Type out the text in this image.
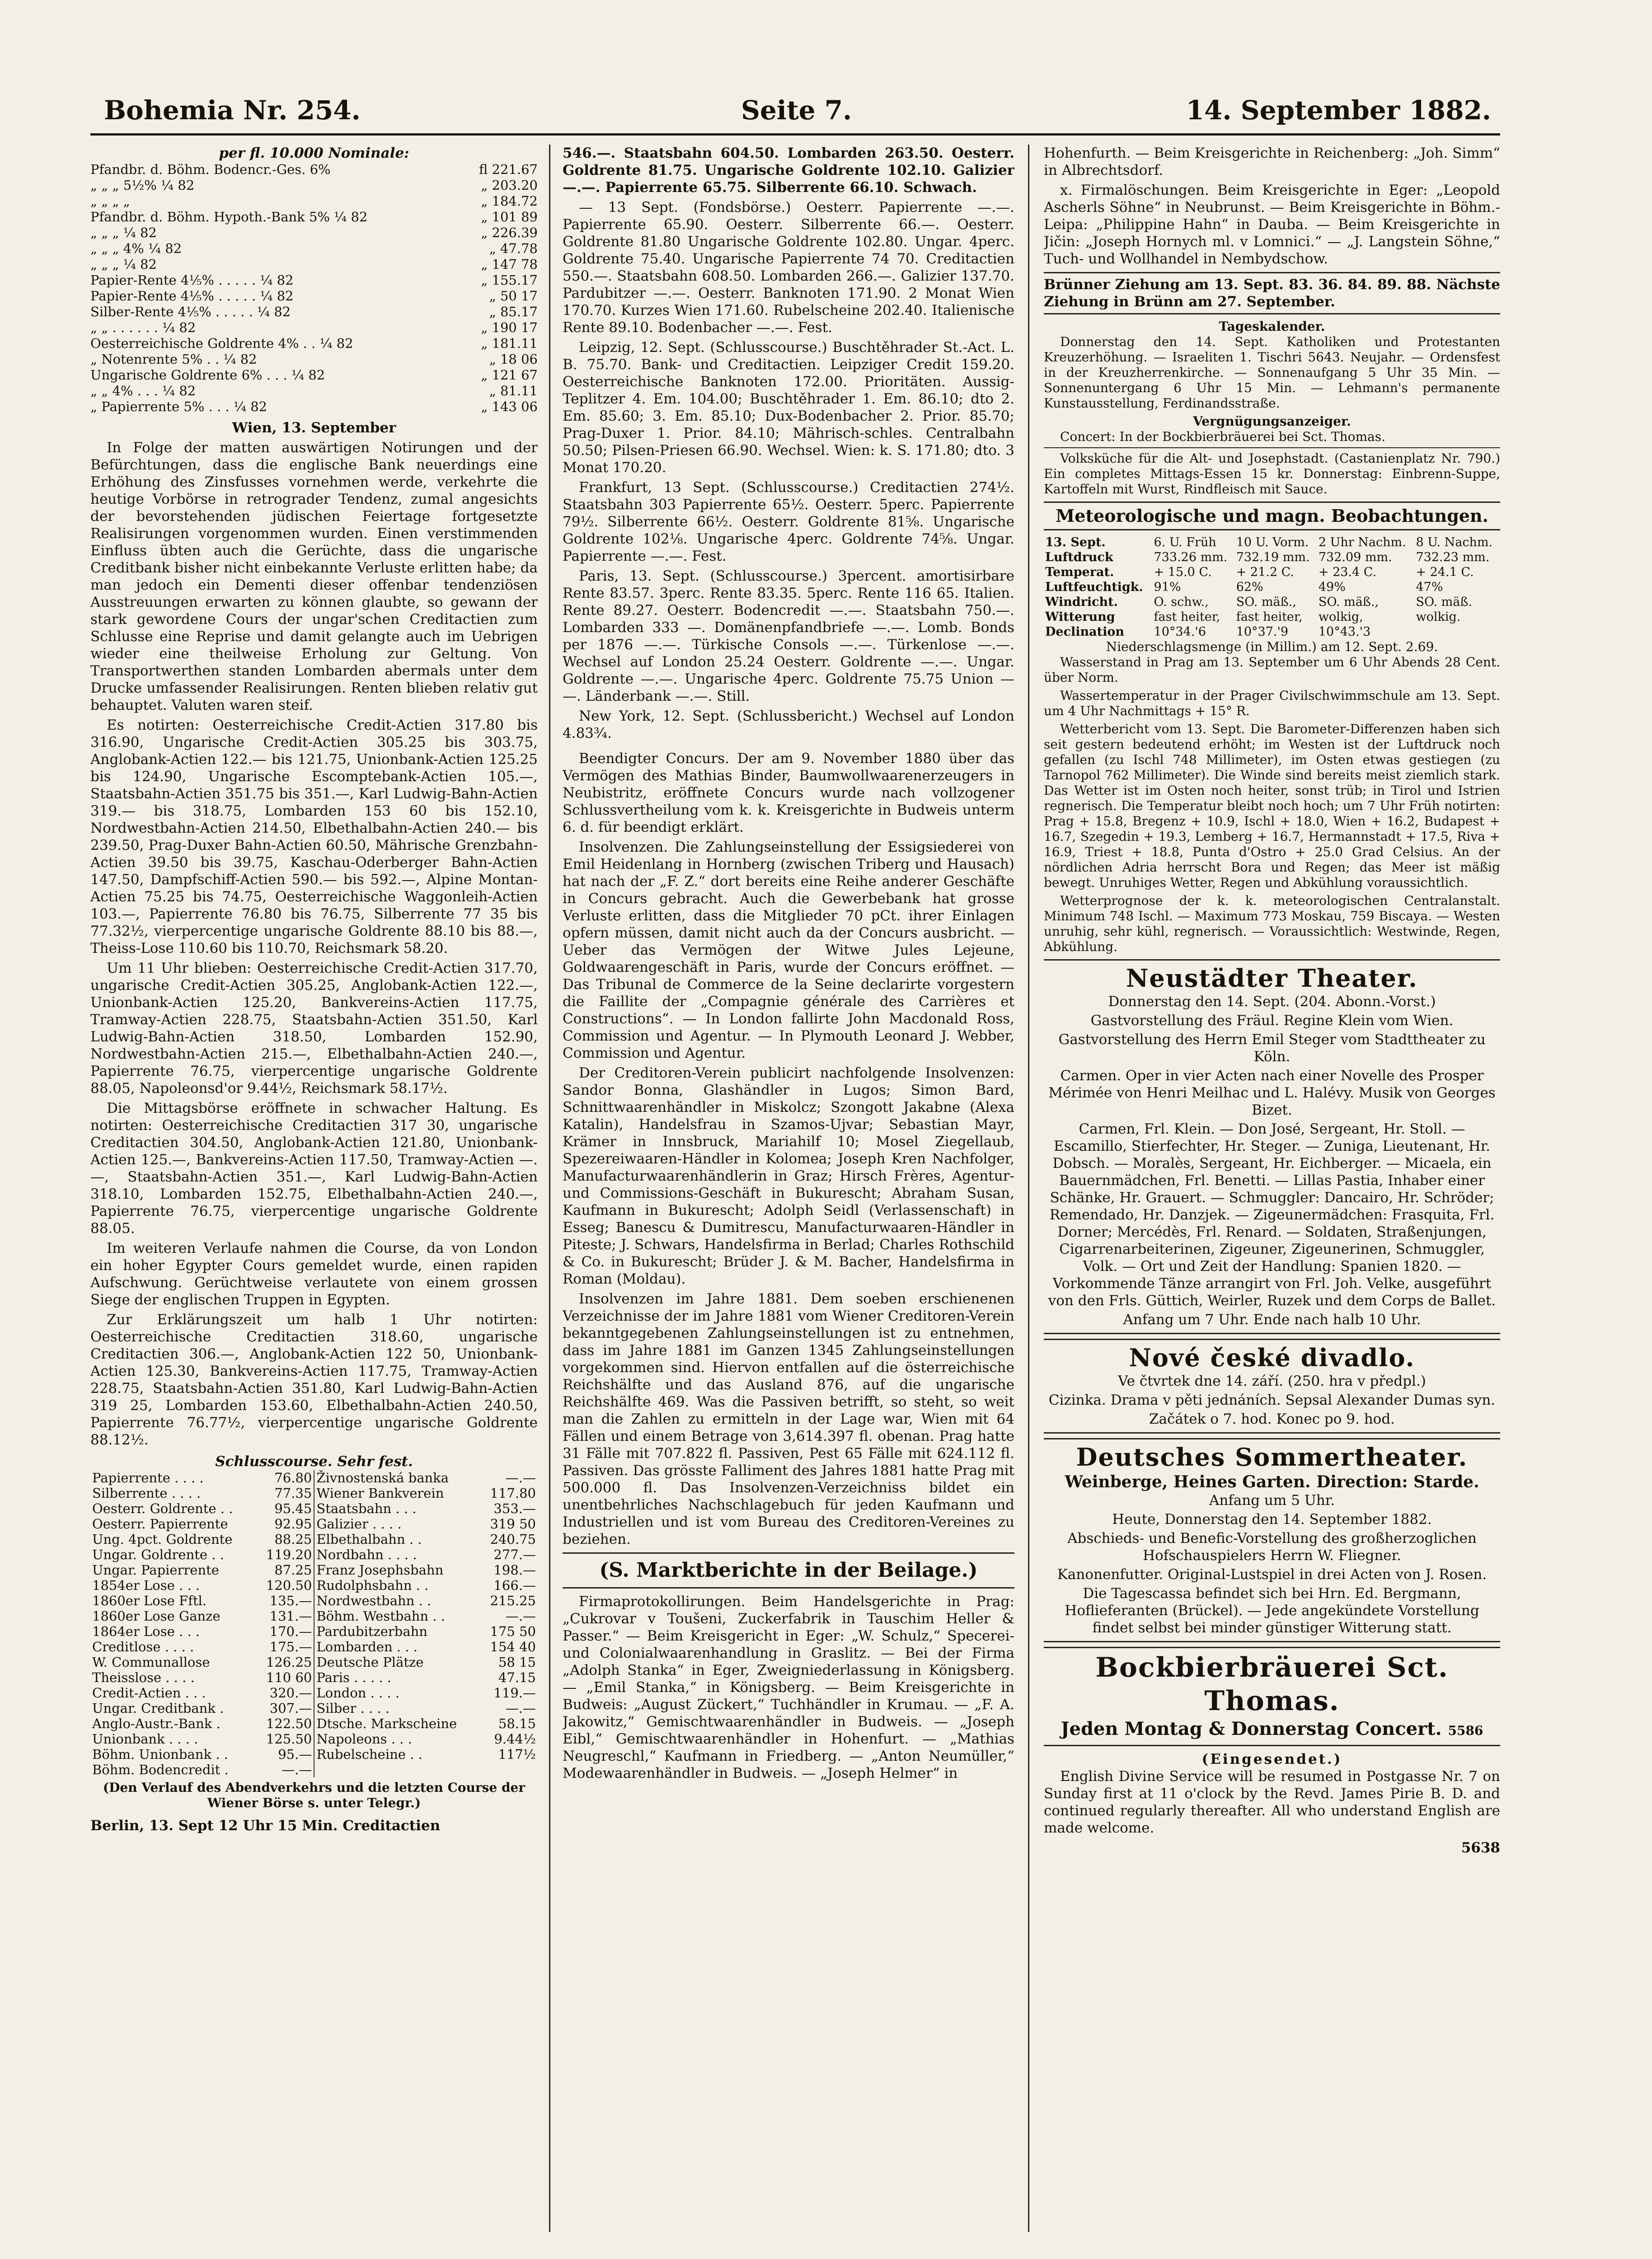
Bohemia Nr. 254.	Seite 7.	14. September 1882.
per fl. 10.000 Nominale:
Pfandbr. d. Böhm. Bodencr.-Ges. 6%	fl 221.67
„ „ „ 5½% ¼ 82	„ 203.20
„ „ „ „	„ 184.72
Pfandbr. d. Böhm. Hypoth.-Bank 5% ¼ 82	„ 101 89
„ „ „ ¼ 82	„ 226.39
„ „ „ 4% ¼ 82	„ 47.78
„ „ „ ¼ 82	„ 147 78
Papier-Rente 4⅕% . . . . . ¼ 82	„ 155.17
Papier-Rente 4⅕% . . . . . ¼ 82	„ 50 17
Silber-Rente 4⅕% . . . . . ¼ 82	„ 85.17
„ „ . . . . . . ¼ 82	„ 190 17
Oesterreichische Goldrente 4% . . ¼ 82	„ 181.11
„ Notenrente 5% . . ¼ 82	„ 18 06
Ungarische Goldrente 6% . . . ¼ 82	„ 121 67
„ „ 4% . . . ¼ 82	„ 81.11
„ Papierrente 5% . . . ¼ 82	„ 143 06
Wien, 13. September

In Folge der matten auswärtigen Notirungen und der Befürchtungen, dass die englische Bank neuerdings eine Erhöhung des Zinsfusses vornehmen werde, verkehrte die heutige Vorbörse in retrograder Tendenz, zumal angesichts der bevorstehenden jüdischen Feiertage fortgesetzte Realisirungen vorgenommen wurden. Einen verstimmenden Einfluss übten auch die Gerüchte, dass die ungarische Creditbank bisher nicht einbekannte Verluste erlitten habe; da man jedoch ein Dementi dieser offenbar tendenziösen Ausstreuungen erwarten zu können glaubte, so gewann der stark gewordene Cours der ungar'schen Creditactien zum Schlusse eine Reprise und damit gelangte auch im Uebrigen wieder eine theilweise Erholung zur Geltung. Von Transportwerthen standen Lombarden abermals unter dem Drucke umfassender Realisirungen. Renten blieben relativ gut behauptet. Valuten waren steif.

Es notirten: Oesterreichische Credit-Actien 317.80 bis 316.90, Ungarische Credit-Actien 305.25 bis 303.75, Anglobank-Actien 122.— bis 121.75, Unionbank-Actien 125.25 bis 124.90, Ungarische Escomptebank-Actien 105.—, Staatsbahn-Actien 351.75 bis 351.—, Karl Ludwig-Bahn-Actien 319.— bis 318.75, Lombarden 153 60 bis 152.10, Nordwestbahn-Actien 214.50, Elbethalbahn-Actien 240.— bis 239.50, Prag-Duxer Bahn-Actien 60.50, Mährische Grenzbahn-Actien 39.50 bis 39.75, Kaschau-Oderberger Bahn-Actien 147.50, Dampfschiff-Actien 590.— bis 592.—, Alpine Montan-Actien 75.25 bis 74.75, Oesterreichische Waggonleih-Actien 103.—, Papierrente 76.80 bis 76.75, Silberrente 77 35 bis 77.32½, vierpercentige ungarische Goldrente 88.10 bis 88.—, Theiss-Lose 110.60 bis 110.70, Reichsmark 58.20.

Um 11 Uhr blieben: Oesterreichische Credit-Actien 317.70, ungarische Credit-Actien 305.25, Anglobank-Actien 122.—, Unionbank-Actien 125.20, Bankvereins-Actien 117.75, Tramway-Actien 228.75, Staatsbahn-Actien 351.50, Karl Ludwig-Bahn-Actien 318.50, Lombarden 152.90, Nordwestbahn-Actien 215.—, Elbethalbahn-Actien 240.—, Papierrente 76.75, vierpercentige ungarische Goldrente 88.05, Napoleonsd'or 9.44½, Reichsmark 58.17½.

Die Mittagsbörse eröffnete in schwacher Haltung. Es notirten: Oesterreichische Creditactien 317 30, ungarische Creditactien 304.50, Anglobank-Actien 121.80, Unionbank-Actien 125.—, Bankvereins-Actien 117.50, Tramway-Actien —.—, Staatsbahn-Actien 351.—, Karl Ludwig-Bahn-Actien 318.10, Lombarden 152.75, Elbethalbahn-Actien 240.—, Papierrente 76.75, vierpercentige ungarische Goldrente 88.05.

Im weiteren Verlaufe nahmen die Course, da von London ein hoher Egypter Cours gemeldet wurde, einen rapiden Aufschwung. Gerüchtweise verlautete von einem grossen Siege der englischen Truppen in Egypten.

Zur Erklärungszeit um halb 1 Uhr notirten: Oesterreichische Creditactien 318.60, ungarische Creditactien 306.—, Anglobank-Actien 122 50, Unionbank-Actien 125.30, Bankvereins-Actien 117.75, Tramway-Actien 228.75, Staatsbahn-Actien 351.80, Karl Ludwig-Bahn-Actien 319 25, Lombarden 153.60, Elbethalbahn-Actien 240.50, Papierrente 76.77½, vierpercentige ungarische Goldrente 88.12½.

Schlusscourse. Sehr fest.
Papierrente . . . .	76.80	Živnostenská banka	—.—
Silberrente . . . .	77.35	Wiener Bankverein	117.80
Oesterr. Goldrente . .	95.45	Staatsbahn . . .	353.—
Oesterr. Papierrente	92.95	Galizier . . . .	319 50
Ung. 4pct. Goldrente	88.25	Elbethalbahn . .	240.75
Ungar. Goldrente . .	119.20	Nordbahn . . . .	277.—
Ungar. Papierrente	87.25	Franz Josephsbahn	198.—
1854er Lose . . .	120.50	Rudolphsbahn . .	166.—
1860er Lose Fftl.	135.—	Nordwestbahn . .	215.25
1860er Lose Ganze	131.—	Böhm. Westbahn . .	—.—
1864er Lose . . .	170.—	Pardubitzerbahn	175 50
Creditlose . . . .	175.—	Lombarden . . .	154 40
W. Communallose	126.25	Deutsche Plätze	58 15
Theisslose . . . .	110 60	Paris . . . . .	47.15
Credit-Actien . . .	320.—	London . . . .	119.—
Ungar. Creditbank .	307.—	Silber . . . .	—.—
Anglo-Austr.-Bank .	122.50	Dtsche. Markscheine	58.15
Unionbank . . . .	125.50	Napoleons . . .	9.44½
Böhm. Unionbank . .	95.—	Rubelscheine . .	117½
Böhm. Bodencredit .	—.—		
(Den Verlauf des Abendverkehrs und die letzten Course der Wiener Börse s. unter Telegr.)
Berlin, 13. Sept 12 Uhr 15 Min. Creditactien

546.—. Staatsbahn 604.50. Lombarden 263.50. Oesterr. Goldrente 81.75. Ungarische Goldrente 102.10. Galizier —.—. Papierrente 65.75. Silberrente 66.10. Schwach.

— 13 Sept. (Fondsbörse.) Oesterr. Papierrente —.—. Papierrente 65.90. Oesterr. Silberrente 66.—. Oesterr. Goldrente 81.80 Ungarische Goldrente 102.80. Ungar. 4perc. Goldrente 75.40. Ungarische Papierrente 74 70. Creditactien 550.—. Staatsbahn 608.50. Lombarden 266.—. Galizier 137.70. Pardubitzer —.—. Oesterr. Banknoten 171.90. 2 Monat Wien 170.70. Kurzes Wien 171.60. Rubelscheine 202.40. Italienische Rente 89.10. Bodenbacher —.—. Fest.

Leipzig, 12. Sept. (Schlusscourse.) Buschtěhrader St.-Act. L. B. 75.70. Bank- und Creditactien. Leipziger Credit 159.20. Oesterreichische Banknoten 172.00. Prioritäten. Aussig-Teplitzer 4. Em. 104.00; Buschtěhrader 1. Em. 86.10; dto 2. Em. 85.60; 3. Em. 85.10; Dux-Bodenbacher 2. Prior. 85.70; Prag-Duxer 1. Prior. 84.10; Mährisch-schles. Centralbahn 50.50; Pilsen-Priesen 66.90. Wechsel. Wien: k. S. 171.80; dto. 3 Monat 170.20.

Frankfurt, 13 Sept. (Schlusscourse.) Creditactien 274½. Staatsbahn 303 Papierrente 65½. Oesterr. 5perc. Papierrente 79½. Silberrente 66½. Oesterr. Goldrente 81⅝. Ungarische Goldrente 102⅛. Ungarische 4perc. Goldrente 74⅝. Ungar. Papierrente —.—. Fest.

Paris, 13. Sept. (Schlusscourse.) 3percent. amortisirbare Rente 83.57. 3perc. Rente 83.35. 5perc. Rente 116 65. Italien. Rente 89.27. Oesterr. Bodencredit —.—. Staatsbahn 750.—. Lombarden 333 —. Domänenpfandbriefe —.—. Lomb. Bonds per 1876 —.—. Türkische Consols —.—. Türkenlose —.—. Wechsel auf London 25.24 Oesterr. Goldrente —.—. Ungar. Goldrente —.—. Ungarische 4perc. Goldrente 75.75 Union — —. Länderbank —.—. Still.

New York, 12. Sept. (Schlussbericht.) Wechsel auf London 4.83¾.

Beendigter Concurs. Der am 9. November 1880 über das Vermögen des Mathias Binder, Baumwollwaarenerzeugers in Neubistritz, eröffnete Concurs wurde nach vollzogener Schlussvertheilung vom k. k. Kreisgerichte in Budweis unterm 6. d. für beendigt erklärt.

Insolvenzen. Die Zahlungseinstellung der Essigsiederei von Emil Heidenlang in Hornberg (zwischen Triberg und Hausach) hat nach der „F. Z.“ dort bereits eine Reihe anderer Geschäfte in Concurs gebracht. Auch die Gewerbebank hat grosse Verluste erlitten, dass die Mitglieder 70 pCt. ihrer Einlagen opfern müssen, damit nicht auch da der Concurs ausbricht. — Ueber das Vermögen der Witwe Jules Lejeune, Goldwaarengeschäft in Paris, wurde der Concurs eröffnet. — Das Tribunal de Commerce de la Seine declarirte vorgestern die Faillite der „Compagnie générale des Carrières et Constructions“. — In London fallirte John Macdonald Ross, Commission und Agentur. — In Plymouth Leonard J. Webber, Commission und Agentur.

Der Creditoren-Verein publicirt nachfolgende Insolvenzen: Sandor Bonna, Glashändler in Lugos; Simon Bard, Schnittwaarenhändler in Miskolcz; Szongott Jakabne (Alexa Katalin), Handelsfrau in Szamos-Ujvar; Sebastian Mayr, Krämer in Innsbruck, Mariahilf 10; Mosel Ziegellaub, Spezereiwaaren-Händler in Kolomea; Joseph Kren Nachfolger, Manufacturwaarenhändlerin in Graz; Hirsch Frères, Agentur- und Commissions-Geschäft in Bukurescht; Abraham Susan, Kaufmann in Bukurescht; Adolph Seidl (Verlassenschaft) in Esseg; Banescu & Dumitrescu, Manufacturwaaren-Händler in Piteste; J. Schwars, Handelsfirma in Berlad; Charles Rothschild & Co. in Bukurescht; Brüder J. & M. Bacher, Handelsfirma in Roman (Moldau).

Insolvenzen im Jahre 1881. Dem soeben erschienenen Verzeichnisse der im Jahre 1881 vom Wiener Creditoren-Verein bekanntgegebenen Zahlungseinstellungen ist zu entnehmen, dass im Jahre 1881 im Ganzen 1345 Zahlungseinstellungen vorgekommen sind. Hiervon entfallen auf die österreichische Reichshälfte und das Ausland 876, auf die ungarische Reichshälfte 469. Was die Passiven betrifft, so steht, so weit man die Zahlen zu ermitteln in der Lage war, Wien mit 64 Fällen und einem Betrage von 3,614.397 fl. obenan. Prag hatte 31 Fälle mit 707.822 fl. Passiven, Pest 65 Fälle mit 624.112 fl. Passiven. Das grösste Falliment des Jahres 1881 hatte Prag mit 500.000 fl. Das Insolvenzen-Verzeichniss bildet ein unentbehrliches Nachschlagebuch für jeden Kaufmann und Industriellen und ist vom Bureau des Creditoren-Vereines zu beziehen.

(S. Marktberichte in der Beilage.)

Firmaprotokollirungen. Beim Handelsgerichte in Prag: „Cukrovar v Toušeni, Zuckerfabrik in Tauschim Heller & Passer.“ — Beim Kreisgericht in Eger: „W. Schulz,“ Specerei- und Colonialwaarenhandlung in Graslitz. — Bei der Firma „Adolph Stanka“ in Eger, Zweigniederlassung in Königsberg. — „Emil Stanka,“ in Königsberg. — Beim Kreisgerichte in Budweis: „August Zückert,“ Tuchhändler in Krumau. — „F. A. Jakowitz,“ Gemischtwaarenhändler in Budweis. — „Joseph Eibl,“ Gemischtwaarenhändler in Hohenfurt. — „Mathias Neugreschl,“ Kaufmann in Friedberg. — „Anton Neumüller,“ Modewaarenhändler in Budweis. — „Joseph Helmer“ in

Hohenfurth. — Beim Kreisgerichte in Reichenberg: „Joh. Simm“ in Albrechtsdorf.

x. Firmalöschungen. Beim Kreisgerichte in Eger: „Leopold Ascherls Söhne“ in Neubrunst. — Beim Kreisgerichte in Böhm.-Leipa: „Philippine Hahn“ in Dauba. — Beim Kreisgerichte in Jičin: „Joseph Hornych ml. v Lomnici.“ — „J. Langstein Söhne,“ Tuch- und Wollhandel in Nembydschow.

Brünner Ziehung am 13. Sept. 83. 36. 84. 89. 88. Nächste Ziehung in Brünn am 27. September.
Tageskalender.

Donnerstag den 14. Sept. Katholiken und Protestanten Kreuzerhöhung. — Israeliten 1. Tischri 5643. Neujahr. — Ordensfest in der Kreuzherrenkirche. — Sonnenaufgang 5 Uhr 35 Min. — Sonnenuntergang 6 Uhr 15 Min. — Lehmann's permanente Kunstausstellung, Ferdinandsstraße.

Vergnügungsanzeiger.

Concert: In der Bockbierbräuerei bei Sct. Thomas.

Volksküche für die Alt- und Josephstadt. (Castanienplatz Nr. 790.) Ein completes Mittags-Essen 15 kr. Donnerstag: Einbrenn-Suppe, Kartoffeln mit Wurst, Rindfleisch mit Sauce.

Meteorologische und magn. Beobachtungen.
13. Sept.	6. U. Früh	10 U. Vorm.	2 Uhr Nachm.	8 U. Nachm.
Luftdruck	733.26 mm.	732.19 mm.	732.09 mm.	732.23 mm.
Temperat.	+ 15.0 C.	+ 21.2 C.	+ 23.4 C.	+ 24.1 C.
Luftfeuchtigk.	91%	62%	49%	47%
Windricht.	O. schw.,	SO. mäß.,	SO. mäß.,	SO. mäß.
Witterung	fast heiter,	fast heiter,	wolkig,	wolkig.
Declination	10°34.'6	10°37.'9	10°43.'3	
Niederschlagsmenge (in Millim.) am 12. Sept. 2.69.

Wasserstand in Prag am 13. September um 6 Uhr Abends 28 Cent. über Norm.

Wassertemperatur in der Prager Civilschwimmschule am 13. Sept. um 4 Uhr Nachmittags + 15° R.

Wetterbericht vom 13. Sept. Die Barometer-Differenzen haben sich seit gestern bedeutend erhöht; im Westen ist der Luftdruck noch gefallen (zu Ischl 748 Millimeter), im Osten etwas gestiegen (zu Tarnopol 762 Millimeter). Die Winde sind bereits meist ziemlich stark. Das Wetter ist im Osten noch heiter, sonst trüb; in Tirol und Istrien regnerisch. Die Temperatur bleibt noch hoch; um 7 Uhr Früh notirten: Prag + 15.8, Bregenz + 10.9, Ischl + 18.0, Wien + 16.2, Budapest + 16.7, Szegedin + 19.3, Lemberg + 16.7, Hermannstadt + 17.5, Riva + 16.9, Triest + 18.8, Punta d'Ostro + 25.0 Grad Celsius. An der nördlichen Adria herrscht Bora und Regen; das Meer ist mäßig bewegt. Unruhiges Wetter, Regen und Abkühlung voraussichtlich.

Wetterprognose der k. k. meteorologischen Centralanstalt. Minimum 748 Ischl. — Maximum 773 Moskau, 759 Biscaya. — Westen unruhig, sehr kühl, regnerisch. — Voraussichtlich: Westwinde, Regen, Abkühlung.

Neustädter Theater.
Donnerstag den 14. Sept. (204. Abonn.-Vorst.)
Gastvorstellung des Fräul. Regine Klein vom Wien.
Gastvorstellung des Herrn Emil Steger vom Stadttheater zu Köln.
Carmen. Oper in vier Acten nach einer Novelle des Prosper Mérimée von Henri Meilhac und L. Halévy. Musik von Georges Bizet.
Carmen, Frl. Klein. — Don José, Sergeant, Hr. Stoll. — Escamillo, Stierfechter, Hr. Steger. — Zuniga, Lieutenant, Hr. Dobsch. — Moralès, Sergeant, Hr. Eichberger. — Micaela, ein Bauernmädchen, Frl. Benetti. — Lillas Pastia, Inhaber einer Schänke, Hr. Grauert. — Schmuggler: Dancairo, Hr. Schröder; Remendado, Hr. Danzjek. — Zigeunermädchen: Frasquita, Frl. Dorner; Mercédès, Frl. Renard. — Soldaten, Straßenjungen, Cigarrenarbeiterinen, Zigeuner, Zigeunerinen, Schmuggler, Volk. — Ort und Zeit der Handlung: Spanien 1820. — Vorkommende Tänze arrangirt von Frl. Joh. Velke, ausgeführt von den Frls. Güttich, Weirler, Ruzek und dem Corps de Ballet.
Anfang um 7 Uhr. Ende nach halb 10 Uhr.
Nové české divadlo.
Ve čtvrtek dne 14. září. (250. hra v předpl.)
Cizinka. Drama v pěti jednáních. Sepsal Alexander Dumas syn.
Začátek o 7. hod. Konec po 9. hod.
Deutsches Sommertheater.
Weinberge, Heines Garten. Direction: Starde.
Anfang um 5 Uhr.
Heute, Donnerstag den 14. September 1882.
Abschieds- und Benefic-Vorstellung des großherzoglichen Hofschauspielers Herrn W. Fliegner.
Kanonenfutter. Original-Lustspiel in drei Acten von J. Rosen.
Die Tagescassa befindet sich bei Hrn. Ed. Bergmann, Hoflieferanten (Brückel). — Jede angekündete Vorstellung findet selbst bei minder günstiger Witterung statt.
Bockbierbräuerei Sct. Thomas.
Jeden Montag & Donnerstag Concert. 5586
(Eingesendet.)

English Divine Service will be resumed in Postgasse Nr. 7 on Sunday first at 11 o'clock by the Revd. James Pirie B. D. and continued regularly thereafter. All who understand English are made welcome.

5638
